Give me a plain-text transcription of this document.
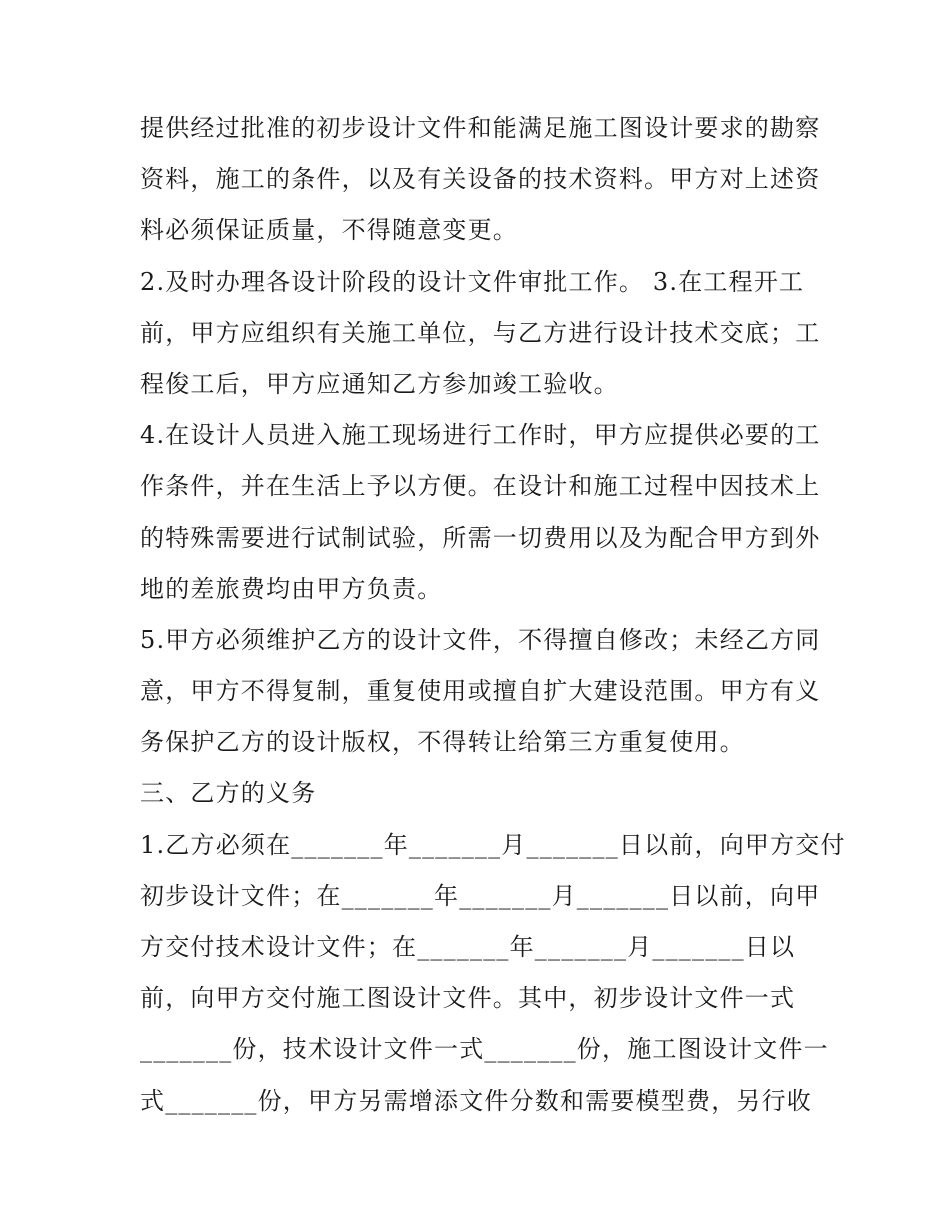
提供经过批准的初步设计文件和能满足施工图设计要求的勘察
资料，施工的条件，以及有关设备的技术资料。甲方对上述资
料必须保证质量，不得随意变更。
2.及时办理各设计阶段的设计文件审批工作。 3.在工程开工
前，甲方应组织有关施工单位，与乙方进行设计技术交底；工
程俊工后，甲方应通知乙方参加竣工验收。
4.在设计人员进入施工现场进行工作时，甲方应提供必要的工
作条件，并在生活上予以方便。在设计和施工过程中因技术上
的特殊需要进行试制试验，所需一切费用以及为配合甲方到外
地的差旅费均由甲方负责。
5.甲方必须维护乙方的设计文件，不得擅自修改；未经乙方同
意，甲方不得复制，重复使用或擅自扩大建设范围。甲方有义
务保护乙方的设计版权，不得转让给第三方重复使用。
三、乙方的义务
1.乙方必须在_______年_______月_______日以前，向甲方交付
初步设计文件；在_______年_______月_______日以前，向甲
方交付技术设计文件；在_______年_______月_______日以
前，向甲方交付施工图设计文件。其中，初步设计文件一式
_______份，技术设计文件一式_______份，施工图设计文件一
式_______份，甲方另需增添文件分数和需要模型费，另行收
